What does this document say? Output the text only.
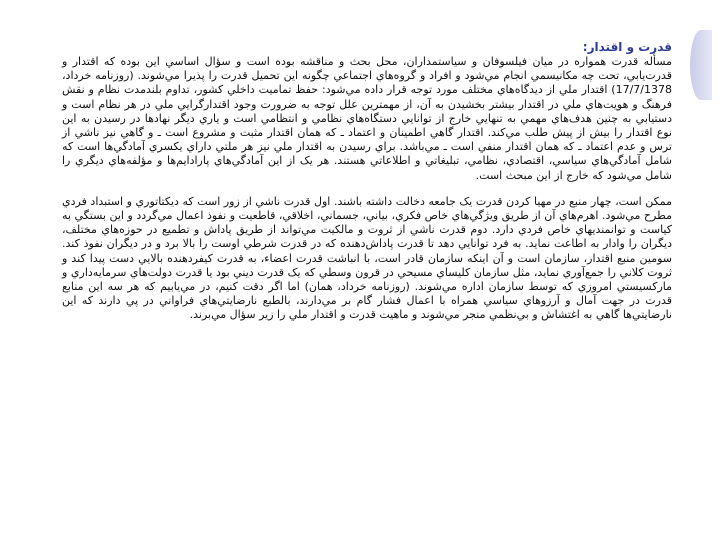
قدرت و اقتدار:

مسأله قدرت همواره در ميان فيلسوفان و سياستمداران، محل بحث و مناقشه بوده است و سؤال اساسي اين بوده كه اقتدار و قدرت‌يابي، تحت چه مكانيسمي انجام مي‌شود و افراد و گروه‌هاي اجتماعي چگونه اين تحميل قدرت را پذيرا مي‌شوند. (روزنامه خرداد، 17/7/1378) اقتدار ملي از ديدگاه‌هاي مختلف مورد توجه قرار داده مي‌شود: حفظ تماميت داخلي كشور، تداوم بلندمدت نظام و نقش فرهنگ و هويت‌هاي ملي در اقتدار بيشتر بخشيدن به آن، از مهمترين علل توجه به ضرورت وجود اقتدارگرايي ملي در هر نظام است و دستيابي به چنين هدف‌هاي مهمي به تنهايي خارج از توانايي دستگاه‌هاي نظامي و انتظامي است و ياري ديگر نهادها در رسيدن به اين نوع اقتدار را بيش از پيش طلب مي‌كند. اقتدار گاهي اطمينان و اعتماد ـ كه همان اقتدار مثبت و مشروع است ـ و گاهي نيز ناشي از ترس و عدم اعتماد ـ كه همان اقتدار منفي است ـ مي‌باشد. براي رسيدن به اقتدار ملي نيز هر ملتي داراي يكسري آمادگي‌ها است كه شامل آمادگي‌هاي سياسي، اقتصادي، نظامي، تبليغاتي و اطلاعاتي هستند. هر يک از اين آمادگي‌هاي پارادايم‌ها و مؤلفه‌هاي ديگري را شامل مي‌شود كه خارج از اين مبحث است.

ممكن است، چهار منبع در مهيا كردن قدرت يک جامعه دخالت داشته باشند. اول قدرت ناشي از زور است كه ديكتاتوري و استبداد فردي مطرح مي‌شود. اهرم‌هاي آن از طريق ويژگي‌هاي خاص فكري، بياني، جسماني، اخلاقي، قاطعيت و نفوذ اعمال مي‌گردد و اين بستگي به كياست و توانمنديهاي خاص فردي دارد. دوم قدرت ناشي از ثروت و مالكيت مي‌تواند از طريق پاداش و تطميع در حوزه‌هاي مختلف، ديگران را وادار به اطاعت نمايد. به فرد توانايي دهد تا قدرت پاداش‌دهنده كه در قدرت شرطي اوست را بالا برد و در ديگران نفوذ كند. سومين منبع اقتدار، سازمان است و آن اينكه سازمان قادر است، با انباشت قدرت اعضاء، به قدرت كيفردهنده بالايي دست پيدا كند و ثروت كلاني را جمع‌آوري نمايد، مثل سازمان كليساي مسيحي در قرون وسطي كه يک قدرت ديني بود يا قدرت دولت‌هاي سرمايه‌داري و ماركسيستي امروزي كه توسط سازمان اداره مي‌شوند. (روزنامه خرداد، همان) اما اگر دقت كنيم، در مي‌يابيم كه هر سه اين منابع قدرت در جهت آمال و آرزوهاي سياسي همراه با اعمال فشار گام بر مي‌دارند، بالطبع نارضايتي‌هاي فراواني در پي دارند كه اين نارضايتي‌ها گاهي به اغتشاش و بي‌نظمي منجر مي‌شوند و ماهيت قدرت و اقتدار ملي را زير سؤال مي‌برند.
